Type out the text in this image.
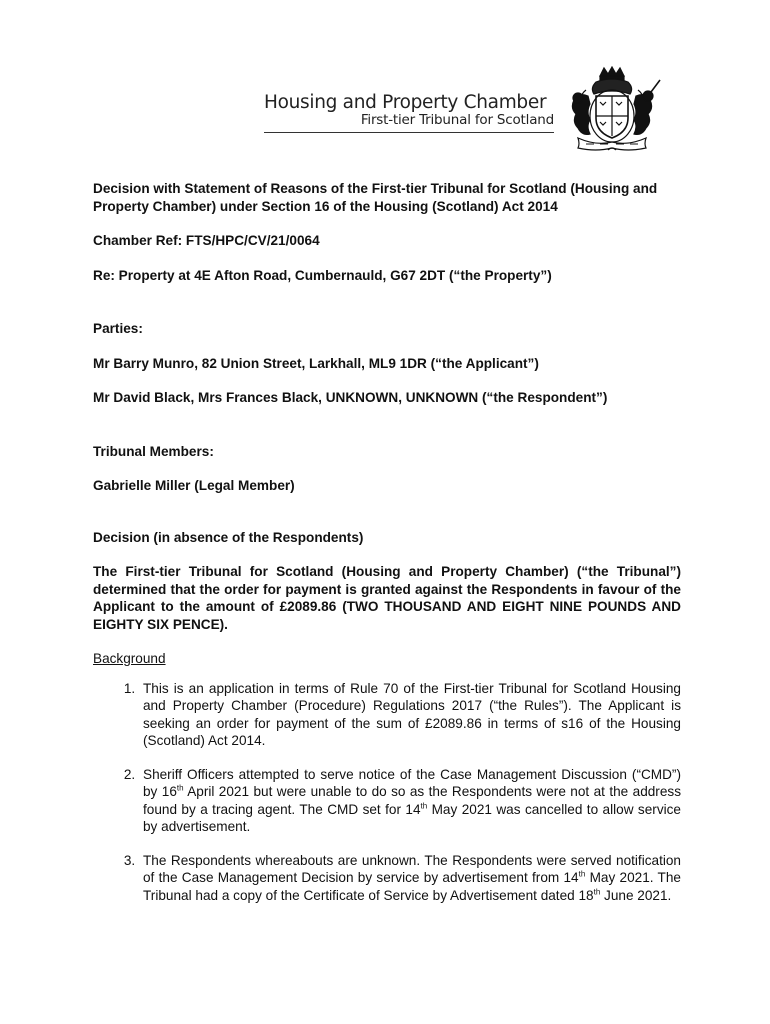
Housing and Property Chamber
First-tier Tribunal for Scotland

Decision with Statement of Reasons of the First-tier Tribunal for Scotland (Housing and Property Chamber) under Section 16 of the Housing (Scotland) Act 2014

Chamber Ref: FTS/HPC/CV/21/0064

Re: Property at 4E Afton Road, Cumbernauld, G67 2DT (“the Property”)

Parties:

Mr Barry Munro, 82 Union Street, Larkhall, ML9 1DR (“the Applicant”)

Mr David Black, Mrs Frances Black, UNKNOWN, UNKNOWN (“the Respondent”)

Tribunal Members:

Gabrielle Miller (Legal Member)

Decision (in absence of the Respondents)

The First-tier Tribunal for Scotland (Housing and Property Chamber) (“the Tribunal”) determined that the order for payment is granted against the Respondents in favour of the Applicant to the amount of £2089.86 (TWO THOUSAND AND EIGHT NINE POUNDS AND EIGHTY SIX PENCE).

Background

1. This is an application in terms of Rule 70 of the First-tier Tribunal for Scotland Housing and Property Chamber (Procedure) Regulations 2017 (“the Rules”). The Applicant is seeking an order for payment of the sum of £2089.86 in terms of s16 of the Housing (Scotland) Act 2014.
2. Sheriff Officers attempted to serve notice of the Case Management Discussion (“CMD”) by 16th April 2021 but were unable to do so as the Respondents were not at the address found by a tracing agent. The CMD set for 14th May 2021 was cancelled to allow service by advertisement.
3. The Respondents whereabouts are unknown. The Respondents were served notification of the Case Management Decision by service by advertisement from 14th May 2021. The Tribunal had a copy of the Certificate of Service by Advertisement dated 18th June 2021.
